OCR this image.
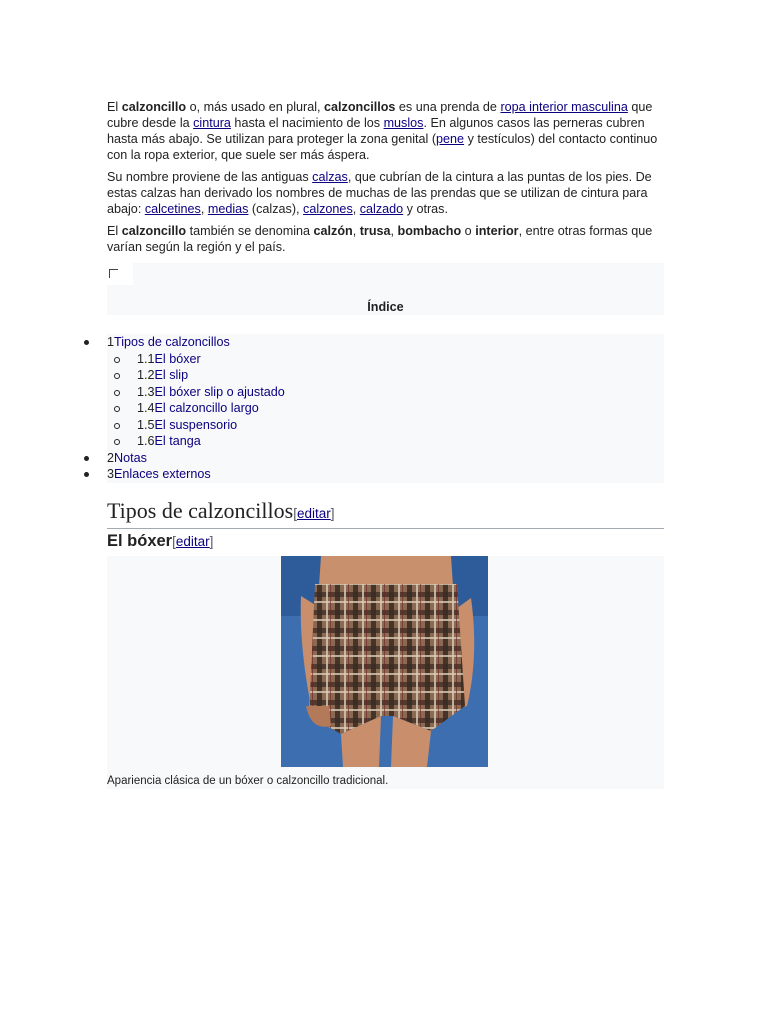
El calzoncillo o, más usado en plural, calzoncillos es una prenda de ropa interior masculina que cubre desde la cintura hasta el nacimiento de los muslos. En algunos casos las perneras cubren hasta más abajo. Se utilizan para proteger la zona genital (pene y testículos) del contacto continuo con la ropa exterior, que suele ser más áspera.

Su nombre proviene de las antiguas calzas, que cubrían de la cintura a las puntas de los pies. De estas calzas han derivado los nombres de muchas de las prendas que se utilizan de cintura para abajo: calcetines, medias (calzas), calzones, calzado y otras.

El calzoncillo también se denomina calzón, trusa, bombacho o interior, entre otras formas que varían según la región y el país.

Índice
1Tipos de calzoncillos
1.1El bóxer
1.2El slip
1.3El bóxer slip o ajustado
1.4El calzoncillo largo
1.5El suspensorio
1.6El tanga
2Notas
3Enlaces externos
Tipos de calzoncillos[editar]
El bóxer[editar]
Apariencia clásica de un bóxer o calzoncillo tradicional.
